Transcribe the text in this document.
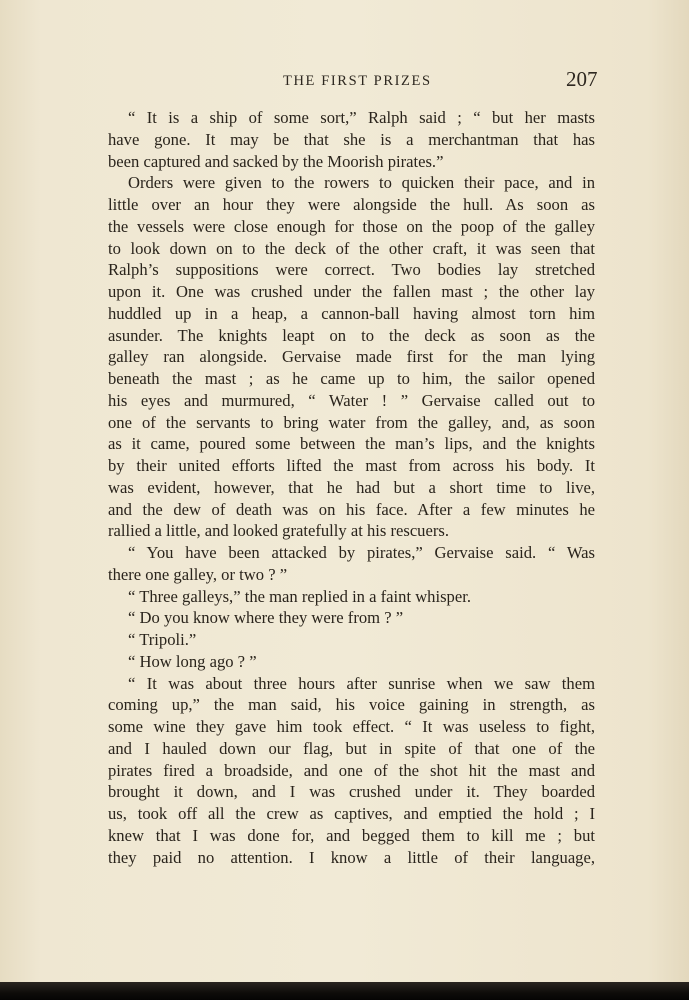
THE FIRST PRIZES	207
“ It is a ship of some sort,” Ralph said ; “ but her masts
have gone. It may be that she is a merchantman that has
been captured and sacked by the Moorish pirates.”
Orders were given to the rowers to quicken their pace, and in
little over an hour they were alongside the hull. As soon as
the vessels were close enough for those on the poop of the galley
to look down on to the deck of the other craft, it was seen that
Ralph’s suppositions were correct. Two bodies lay stretched
upon it. One was crushed under the fallen mast ; the other lay
huddled up in a heap, a cannon-ball having almost torn him
asunder. The knights leapt on to the deck as soon as the
galley ran alongside. Gervaise made first for the man lying
beneath the mast ; as he came up to him, the sailor opened
his eyes and murmured, “ Water ! ” Gervaise called out to
one of the servants to bring water from the galley, and, as soon
as it came, poured some between the man’s lips, and the knights
by their united efforts lifted the mast from across his body. It
was evident, however, that he had but a short time to live,
and the dew of death was on his face. After a few minutes he
rallied a little, and looked gratefully at his rescuers.
“ You have been attacked by pirates,” Gervaise said. “ Was
there one galley, or two ? ”
“ Three galleys,” the man replied in a faint whisper.
“ Do you know where they were from ? ”
“ Tripoli.”
“ How long ago ? ”
“ It was about three hours after sunrise when we saw them
coming up,” the man said, his voice gaining in strength, as
some wine they gave him took effect. “ It was useless to fight,
and I hauled down our flag, but in spite of that one of the
pirates fired a broadside, and one of the shot hit the mast and
brought it down, and I was crushed under it. They boarded
us, took off all the crew as captives, and emptied the hold ; I
knew that I was done for, and begged them to kill me ; but
they paid no attention. I know a little of their language,
